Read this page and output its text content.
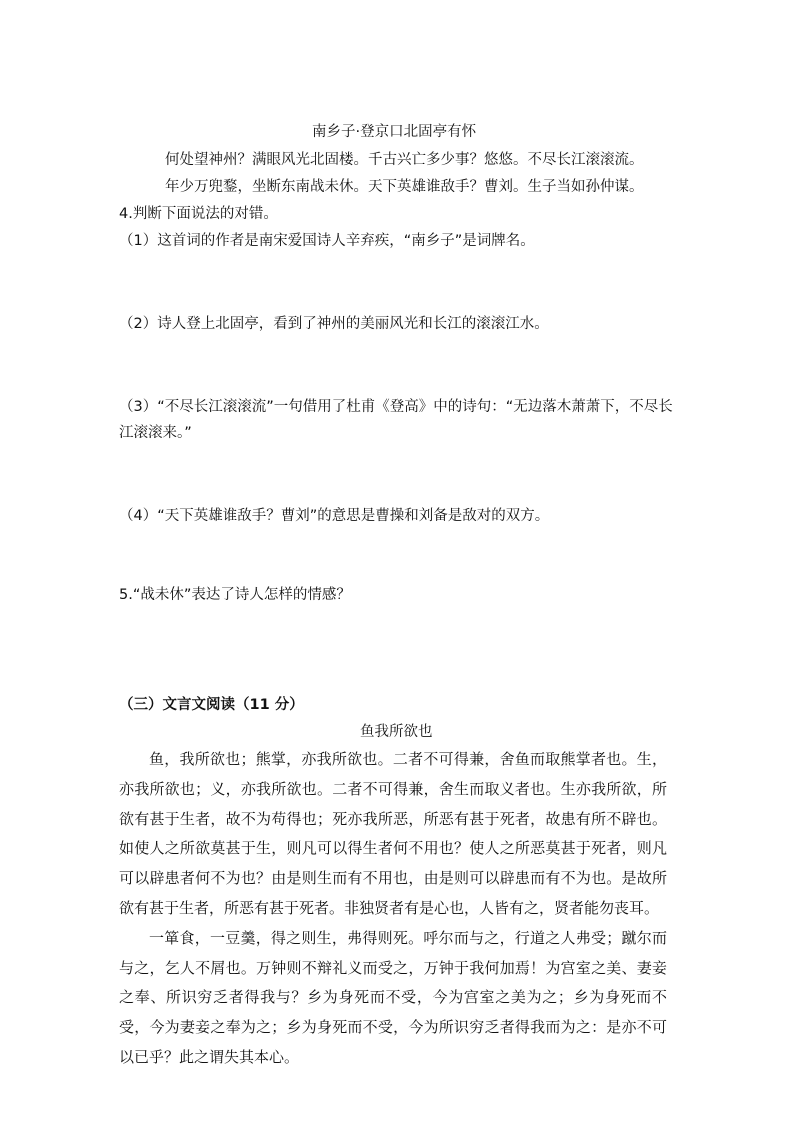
南乡子·登京口北固亭有怀
何处望神州？满眼风光北固楼。千古兴亡多少事？悠悠。不尽长江滚滚流。
年少万兜鍪，坐断东南战未休。天下英雄谁敌手？曹刘。生子当如孙仲谋。
4.判断下面说法的对错。
（1）这首词的作者是南宋爱国诗人辛弃疾，“南乡子”是词牌名。
（2）诗人登上北固亭，看到了神州的美丽风光和长江的滚滚江水。
（3）“不尽长江滚滚流”一句借用了杜甫《登高》中的诗句：“无边落木萧萧下，不尽长
江滚滚来。”
（4）“天下英雄谁敌手？曹刘”的意思是曹操和刘备是敌对的双方。
5.“战未休”表达了诗人怎样的情感？
（三）文言文阅读（11 分）
鱼我所欲也

鱼，我所欲也；熊掌，亦我所欲也。二者不可得兼，舍鱼而取熊掌者也。生，亦我所欲也；义，亦我所欲也。二者不可得兼，舍生而取义者也。生亦我所欲，所欲有甚于生者，故不为苟得也；死亦我所恶，所恶有甚于死者，故患有所不辟也。如使人之所欲莫甚于生，则凡可以得生者何不用也？使人之所恶莫甚于死者，则凡可以辟患者何不为也？由是则生而有不用也，由是则可以辟患而有不为也。是故所欲有甚于生者，所恶有甚于死者。非独贤者有是心也，人皆有之，贤者能勿丧耳。

一箪食，一豆羹，得之则生，弗得则死。呼尔而与之，行道之人弗受；蹴尔而与之，乞人不屑也。万钟则不辩礼义而受之，万钟于我何加焉！为宫室之美、妻妾之奉、所识穷乏者得我与？乡为身死而不受，今为宫室之美为之；乡为身死而不受，今为妻妾之奉为之；乡为身死而不受，今为所识穷乏者得我而为之：是亦不可以已乎？此之谓失其本心。
